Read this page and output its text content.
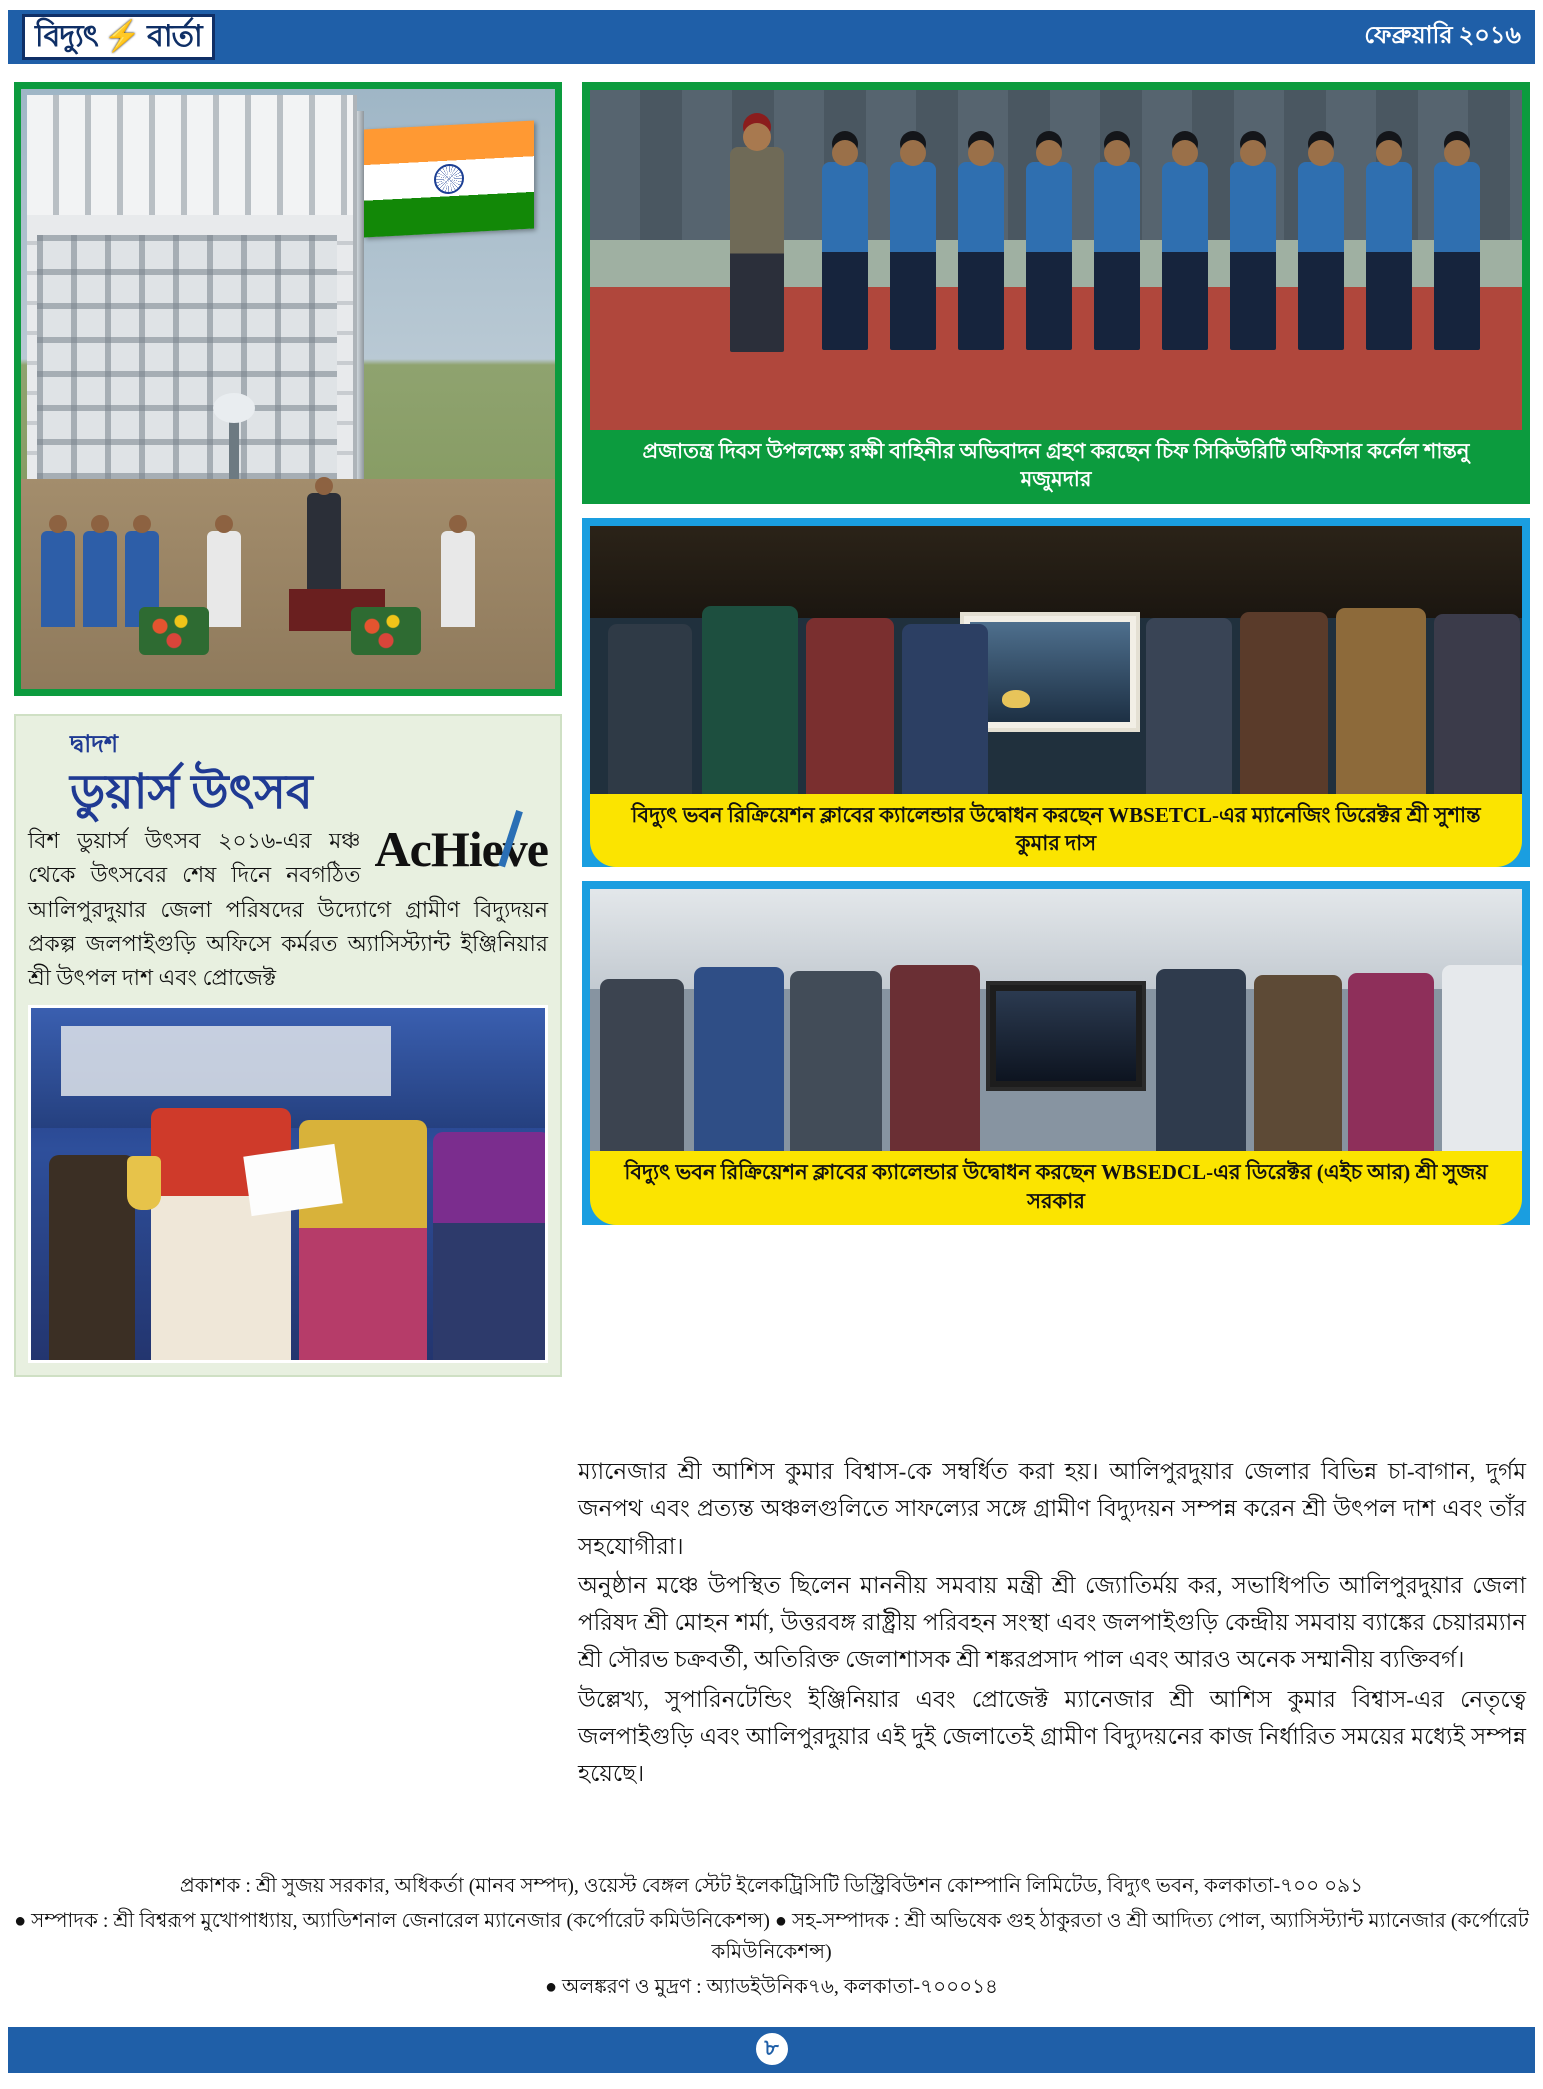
বিদ্যুৎ ⚡ বার্তা	ফেব্রুয়ারি ২০১৬
দ্বাদশ
ডুয়ার্স উৎসব
AcHieve
বিশ ডুয়ার্স উৎসব ২০১৬-এর মঞ্চ থেকে উৎসবের শেষ দিনে নবগঠিত আলিপুরদুয়ার জেলা পরিষদের উদ্যোগে গ্রামীণ বিদ্যুদয়ন প্রকল্প জলপাইগুড়ি অফিসে কর্মরত অ্যাসিস্ট্যান্ট ইঞ্জিনিয়ার শ্রী উৎপল দাশ এবং প্রোজেক্ট
প্রজাতন্ত্র দিবস উপলক্ষ্যে রক্ষী বাহিনীর অভিবাদন গ্রহণ করছেন চিফ সিকিউরিটি অফিসার কর্নেল শান্তনু মজুমদার
বিদ্যুৎ ভবন রিক্রিয়েশন ক্লাবের ক্যালেন্ডার উদ্বোধন করছেন WBSETCL-এর ম্যানেজিং ডিরেক্টর শ্রী সুশান্ত কুমার দাস
বিদ্যুৎ ভবন রিক্রিয়েশন ক্লাবের ক্যালেন্ডার উদ্বোধন করছেন WBSEDCL-এর ডিরেক্টর (এইচ আর) শ্রী সুজয় সরকার

ম্যানেজার শ্রী আশিস কুমার বিশ্বাস-কে সম্বর্ধিত করা হয়। আলিপুরদুয়ার জেলার বিভিন্ন চা-বাগান, দুর্গম জনপথ এবং প্রত্যন্ত অঞ্চলগুলিতে সাফল্যের সঙ্গে গ্রামীণ বিদ্যুদয়ন সম্পন্ন করেন শ্রী উৎপল দাশ এবং তাঁর সহযোগীরা।

অনুষ্ঠান মঞ্চে উপস্থিত ছিলেন মাননীয় সমবায় মন্ত্রী শ্রী জ্যোতির্ময় কর, সভাধিপতি আলিপুরদুয়ার জেলা পরিষদ শ্রী মোহন শর্মা, উত্তরবঙ্গ রাষ্ট্রীয় পরিবহন সংস্থা এবং জলপাইগুড়ি কেন্দ্রীয় সমবায় ব্যাঙ্কের চেয়ারম্যান শ্রী সৌরভ চক্রবর্তী, অতিরিক্ত জেলাশাসক শ্রী শঙ্করপ্রসাদ পাল এবং আরও অনেক সম্মানীয় ব্যক্তিবর্গ।

উল্লেখ্য, সুপারিনটেন্ডিং ইঞ্জিনিয়ার এবং প্রোজেক্ট ম্যানেজার শ্রী আশিস কুমার বিশ্বাস-এর নেতৃত্বে জলপাইগুড়ি এবং আলিপুরদুয়ার এই দুই জেলাতেই গ্রামীণ বিদ্যুদয়নের কাজ নির্ধারিত সময়ের মধ্যেই সম্পন্ন হয়েছে।

প্রকাশক : শ্রী সুজয় সরকার, অধিকর্তা (মানব সম্পদ), ওয়েস্ট বেঙ্গল স্টেট ইলেকট্রিসিটি ডিস্ট্রিবিউশন কোম্পানি লিমিটেড, বিদ্যুৎ ভবন, কলকাতা-৭০০ ০৯১
● সম্পাদক : শ্রী বিশ্বরূপ মুখোপাধ্যায়, অ্যাডিশনাল জেনারেল ম্যানেজার (কর্পোরেট কমিউনিকেশন্স) ● সহ-সম্পাদক : শ্রী অভিষেক গুহ ঠাকুরতা ও শ্রী আদিত্য পোল, অ্যাসিস্ট্যান্ট ম্যানেজার (কর্পোরেট কমিউনিকেশন্স)
● অলঙ্করণ ও মুদ্রণ : অ্যাডইউনিক৭৬, কলকাতা-৭০০০১৪
৮
